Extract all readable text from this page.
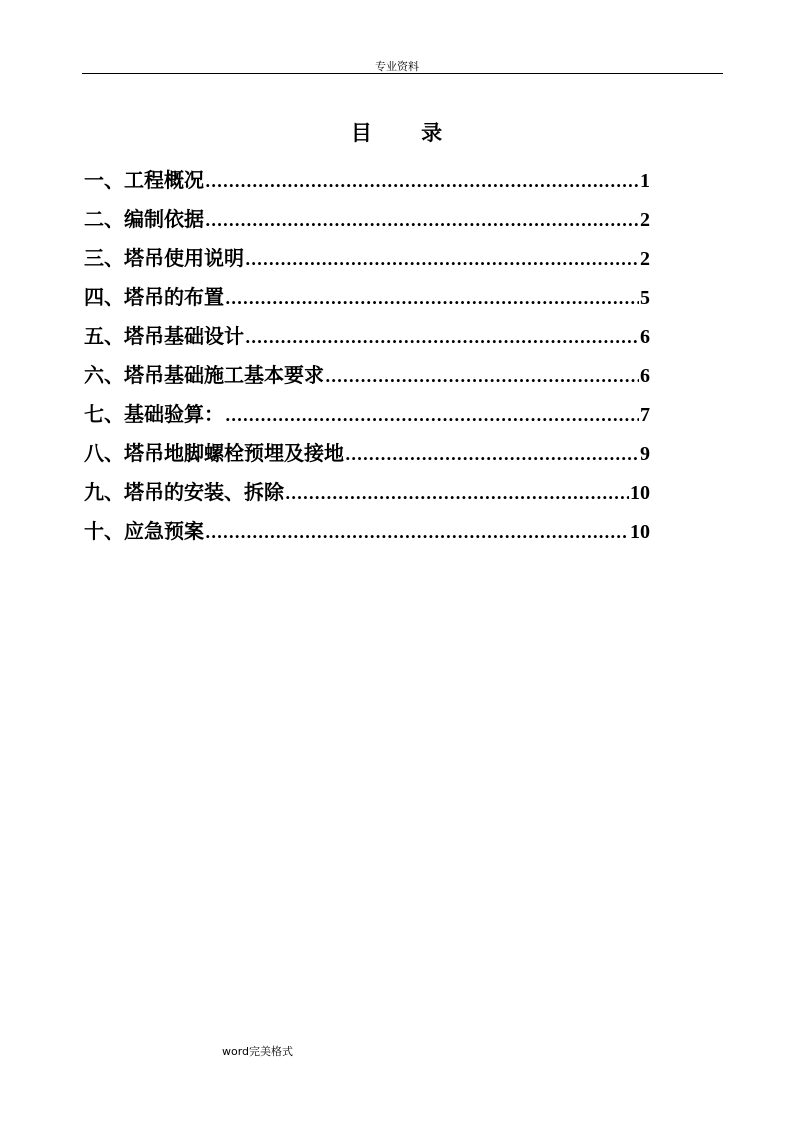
专业资料
目 录
一、工程概况 .....	1
二、编制依据 .....	2
三、塔吊使用说明 .....	2
四、塔吊的布置 .....	5
五、塔吊基础设计 .....	6
六、塔吊基础施工基本要求 .....	6
七、基础验算： .....	7
八、塔吊地脚螺栓预埋及接地 .....	9
九、塔吊的安装、拆除 .....	10
十、应急预案 .....	10
word完美格式
